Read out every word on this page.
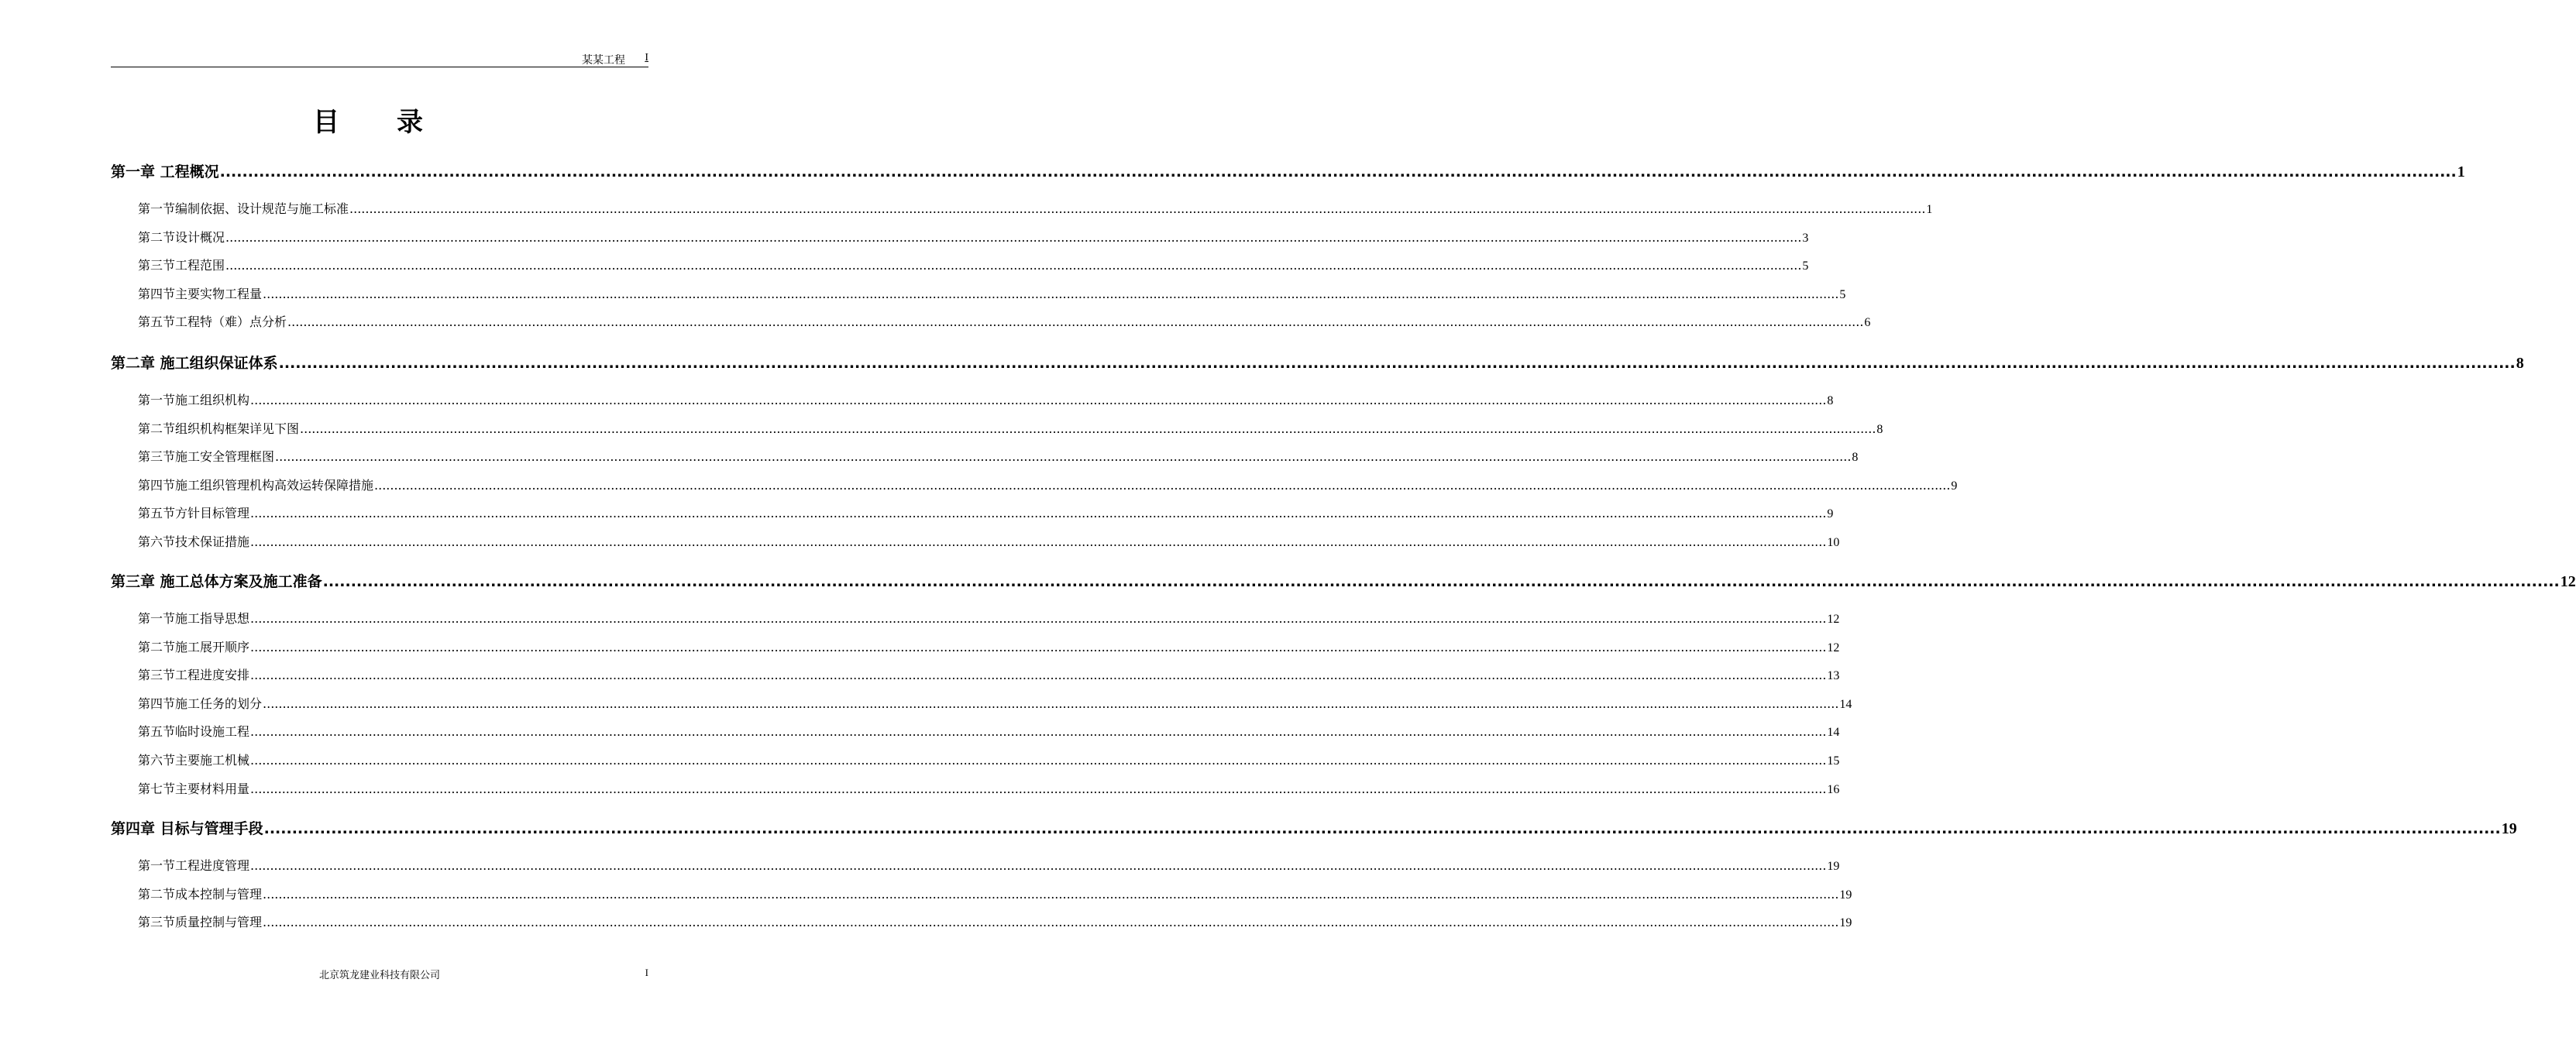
某某工程 I
目录
第一章 工程概况 ................................................................................................................................................................................................................................................................................................................................................................................................................ 1
第一节 编制依据、设计规范与施工标准 ................................................................................................................................................................................................................................................................................................................................................................................................................ 1
第二节 设计概况 ................................................................................................................................................................................................................................................................................................................................................................................................................ 3
第三节 工程范围 ................................................................................................................................................................................................................................................................................................................................................................................................................ 5
第四节 主要实物工程量 ................................................................................................................................................................................................................................................................................................................................................................................................................ 5
第五节 工程特（难）点分析 ................................................................................................................................................................................................................................................................................................................................................................................................................ 6
第二章 施工组织保证体系 ................................................................................................................................................................................................................................................................................................................................................................................................................ 8
第一节 施工组织机构 ................................................................................................................................................................................................................................................................................................................................................................................................................ 8
第二节 组织机构框架详见下图 ................................................................................................................................................................................................................................................................................................................................................................................................................ 8
第三节 施工安全管理框图 ................................................................................................................................................................................................................................................................................................................................................................................................................ 8
第四节 施工组织管理机构高效运转保障措施 ................................................................................................................................................................................................................................................................................................................................................................................................................ 9
第五节 方针目标管理 ................................................................................................................................................................................................................................................................................................................................................................................................................ 9
第六节 技术保证措施 ................................................................................................................................................................................................................................................................................................................................................................................................................ 10
第三章 施工总体方案及施工准备 ................................................................................................................................................................................................................................................................................................................................................................................................................ 12
第一节 施工指导思想 ................................................................................................................................................................................................................................................................................................................................................................................................................ 12
第二节 施工展开顺序 ................................................................................................................................................................................................................................................................................................................................................................................................................ 12
第三节 工程进度安排 ................................................................................................................................................................................................................................................................................................................................................................................................................ 13
第四节 施工任务的划分 ................................................................................................................................................................................................................................................................................................................................................................................................................ 14
第五节 临时设施工程 ................................................................................................................................................................................................................................................................................................................................................................................................................ 14
第六节 主要施工机械 ................................................................................................................................................................................................................................................................................................................................................................................................................ 15
第七节 主要材料用量 ................................................................................................................................................................................................................................................................................................................................................................................................................ 16
第四章 目标与管理手段 ................................................................................................................................................................................................................................................................................................................................................................................................................ 19
第一节 工程进度管理 ................................................................................................................................................................................................................................................................................................................................................................................................................ 19
第二节 成本控制与管理 ................................................................................................................................................................................................................................................................................................................................................................................................................ 19
第三节 质量控制与管理 ................................................................................................................................................................................................................................................................................................................................................................................................................ 19
北京筑龙建业科技有限公司	I
